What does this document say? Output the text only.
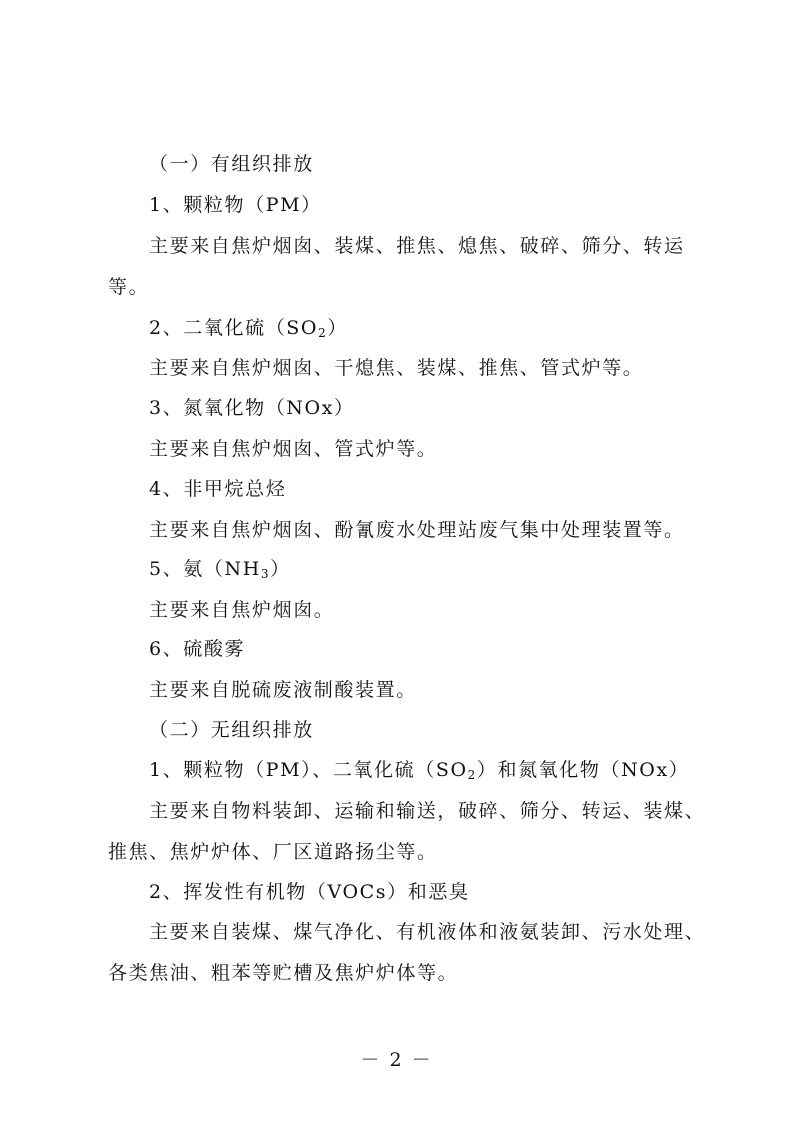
（一）有组织排放
1、颗粒物（PM）
主要来自焦炉烟囱、装煤、推焦、熄焦、破碎、筛分、转运
等。
2、二氧化硫$(SO_2)$
主要来自焦炉烟囱、干熄焦、装煤、推焦、管式炉等。
3、氮氧化物（NOx）
主要来自焦炉烟囱、管式炉等。
4、非甲烷总烃
主要来自焦炉烟囱、酚氰废水处理站废气集中处理装置等。
5、氨$(NH_3)$
主要来自焦炉烟囱。
6、硫酸雾
主要来自脱硫废液制酸装置。
（二）无组织排放
1、颗粒物（PM）、二氧化硫$(SO_2)$和氮氧化物（NOx）
主要来自物料装卸、运输和输送，破碎、筛分、转运、装煤、
推焦、焦炉炉体、厂区道路扬尘等。
2、挥发性有机物（VOCs）和恶臭
主要来自装煤、煤气净化、有机液体和液氨装卸、污水处理、
各类焦油、粗苯等贮槽及焦炉炉体等。
－ 2 －
